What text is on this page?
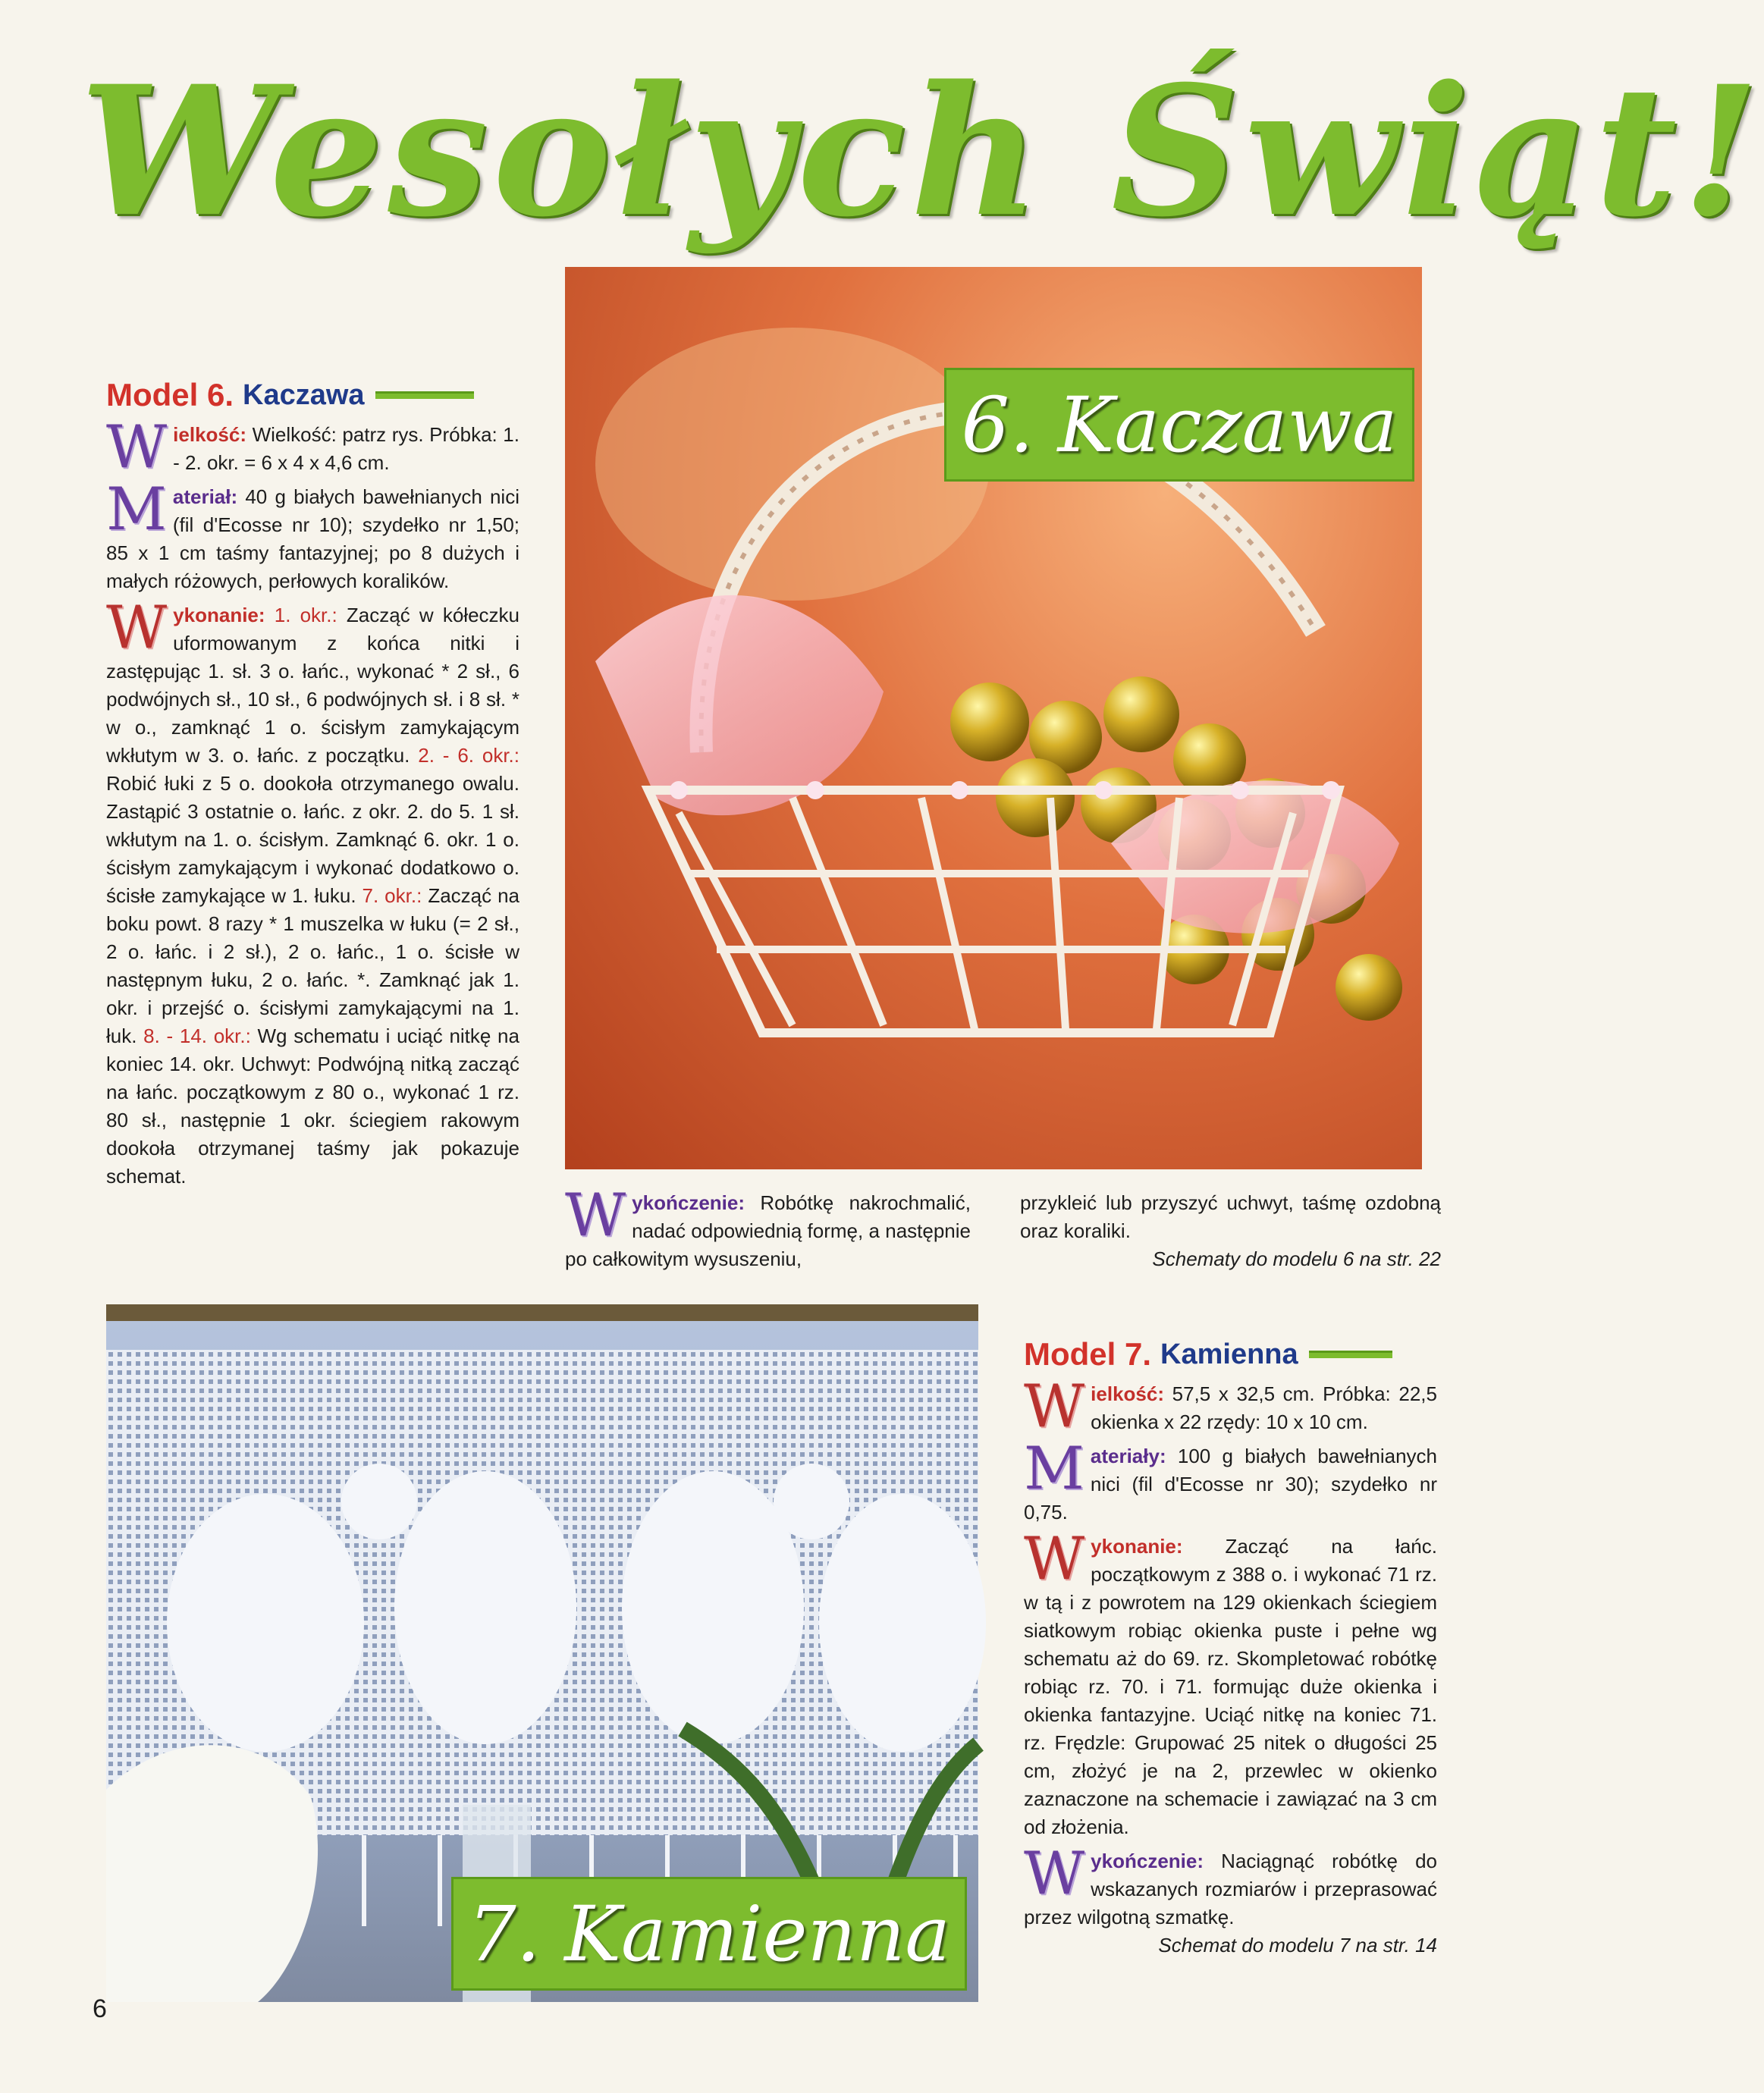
Wesołych Świąt!
Model 6. Kaczawa
W ielkość: Wielkość: patrz rys. Próbka: 1. - 2. okr. = 6 x 4 x 4,6 cm.
M ateriał: 40 g białych bawełnianych nici (fil d'Ecosse nr 10); szydełko nr 1,50; 85 x 1 cm taśmy fantazyjnej; po 8 dużych i małych różowych, perłowych koralików.
W ykonanie: 1. okr.: Zacząć w kółeczku uformowanym z końca nitki i zastępując 1. sł. 3 o. łańc., wykonać * 2 sł., 6 podwójnych sł., 10 sł., 6 podwójnych sł. i 8 sł. * w o., zamknąć 1 o. ścisłym zamykającym wkłutym w 3. o. łańc. z początku. 2. - 6. okr.: Robić łuki z 5 o. dookoła otrzymanego owalu. Zastąpić 3 ostatnie o. łańc. z okr. 2. do 5. 1 sł. wkłutym na 1. o. ścisłym. Zamknąć 6. okr. 1 o. ścisłym zamykającym i wykonać dodatkowo o. ścisłe zamykające w 1. łuku. 7. okr.: Zacząć na boku powt. 8 razy * 1 muszelka w łuku (= 2 sł., 2 o. łańc. i 2 sł.), 2 o. łańc., 1 o. ścisłe w następnym łuku, 2 o. łańc. *. Zamknąć jak 1. okr. i przejść o. ścisłymi zamykającymi na 1. łuk. 8. - 14. okr.: Wg schematu i uciąć nitkę na koniec 14. okr. Uchwyt: Podwójną nitką zacząć na łańc. początkowym z 80 o., wykonać 1 rz. 80 sł., następnie 1 okr. ściegiem rakowym dookoła otrzymanej taśmy jak pokazuje schemat.
6. Kaczawa
W ykończenie: Robótkę nakrochmalić, nadać odpowiednią formę, a następnie po całkowitym wysuszeniu,
przykleić lub przyszyć uchwyt, taśmę ozdobną oraz koraliki.
Schematy do modelu 6 na str. 22
7. Kamienna
Model 7. Kamienna
W ielkość: 57,5 x 32,5 cm. Próbka: 22,5 okienka x 22 rzędy: 10 x 10 cm.
M ateriały: 100 g białych bawełnianych nici (fil d'Ecosse nr 30); szydełko nr 0,75.
W ykonanie: Zacząć na łańc. początkowym z 388 o. i wykonać 71 rz. w tą i z powrotem na 129 okienkach ściegiem siatkowym robiąc okienka puste i pełne wg schematu aż do 69. rz. Skompletować robótkę robiąc rz. 70. i 71. formując duże okienka i okienka fantazyjne. Uciąć nitkę na koniec 71. rz. Frędzle: Grupować 25 nitek o długości 25 cm, złożyć je na 2, przewlec w okienko zaznaczone na schemacie i zawiązać na 3 cm od złożenia.
W ykończenie: Naciągnąć robótkę do wskazanych rozmiarów i przeprasować przez wilgotną szmatkę.
Schemat do modelu 7 na str. 14
6
